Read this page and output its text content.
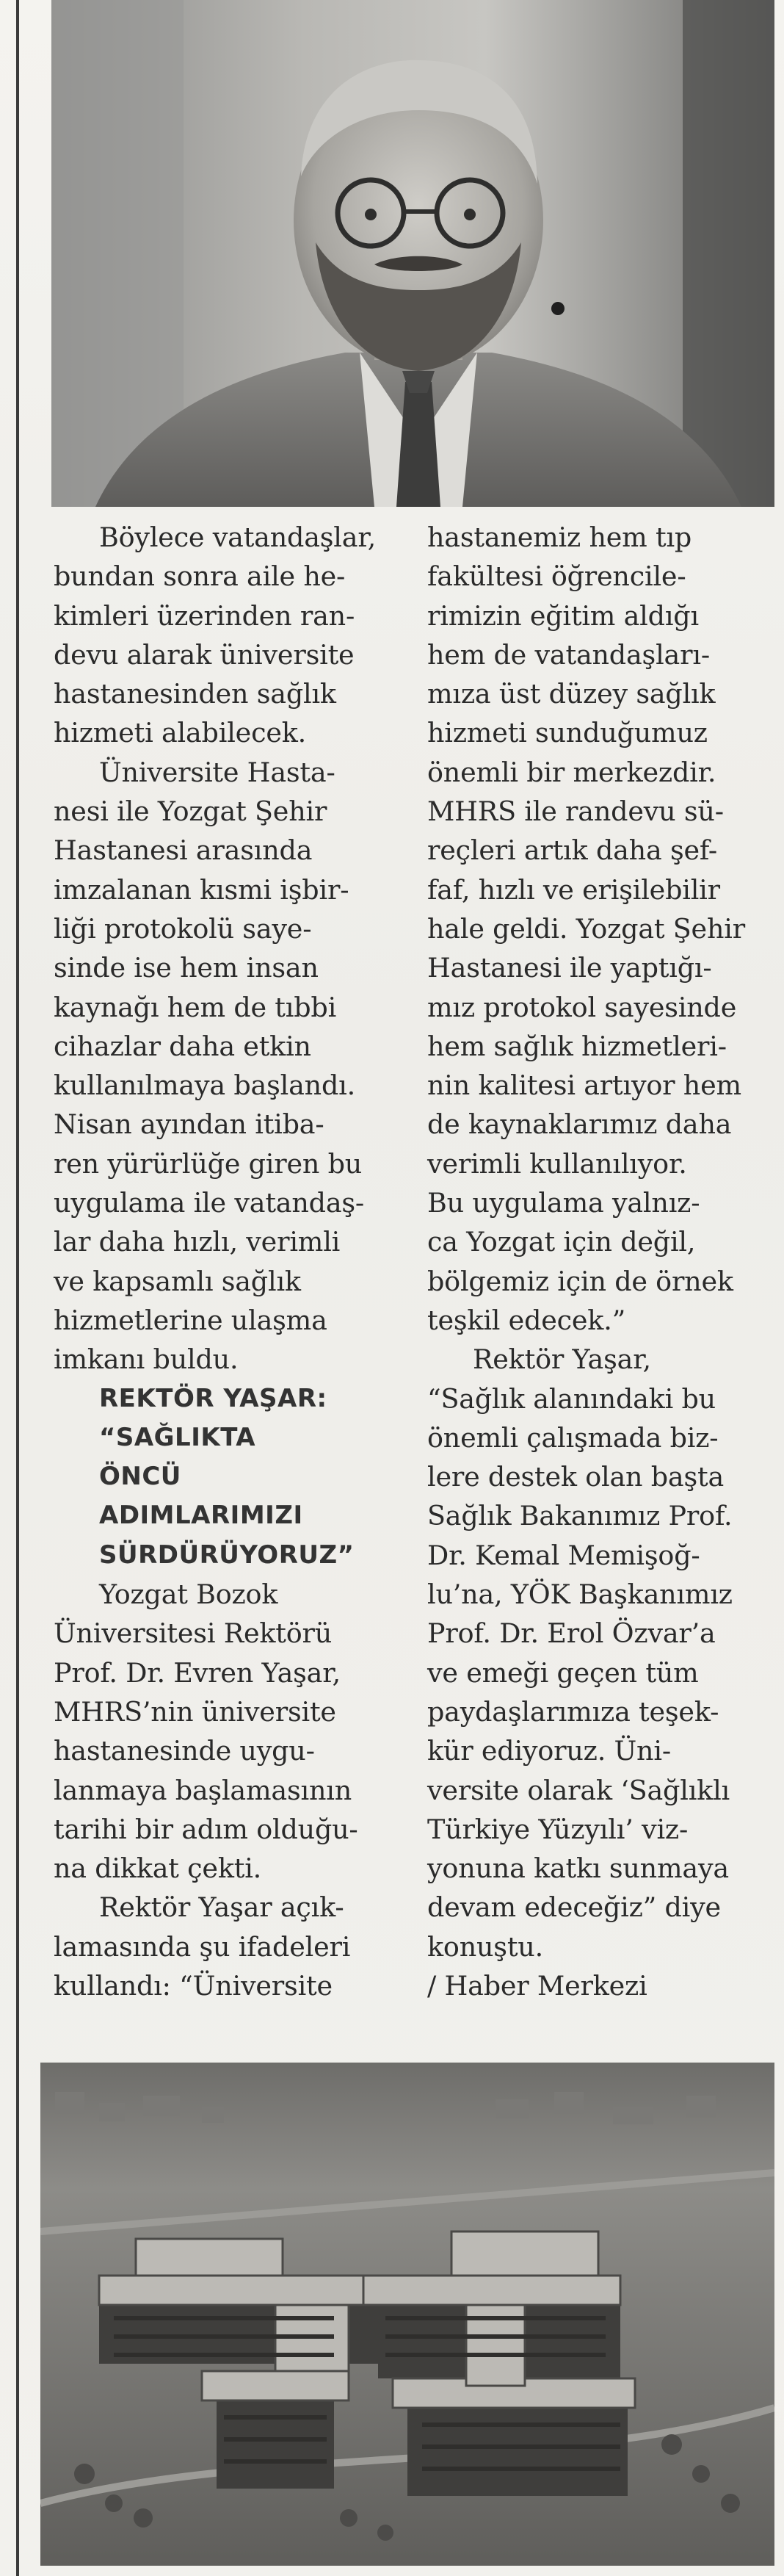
Böylece vatandaşlar,
bundan sonra aile he-
kimleri üzerinden ran-
devu alarak üniversite
hastanesinden sağlık
hizmeti alabilecek.
Üniversite Hasta-
nesi ile Yozgat Şehir
Hastanesi arasında
imzalanan kısmi işbir-
liği protokolü saye-
sinde ise hem insan
kaynağı hem de tıbbi
cihazlar daha etkin
kullanılmaya başlandı.
Nisan ayından itiba-
ren yürürlüğe giren bu
uygulama ile vatandaş-
lar daha hızlı, verimli
ve kapsamlı sağlık
hizmetlerine ulaşma
imkanı buldu.
REKTÖR YAŞAR:
“SAĞLIKTA
ÖNCÜ
ADIMLARIMIZI
SÜRDÜRÜYORUZ”
Yozgat Bozok
Üniversitesi Rektörü
Prof. Dr. Evren Yaşar,
MHRS’nin üniversite
hastanesinde uygu-
lanmaya başlamasının
tarihi bir adım olduğu-
na dikkat çekti.
Rektör Yaşar açık-
lamasında şu ifadeleri
kullandı: “Üniversite
hastanemiz hem tıp
fakültesi öğrencile-
rimizin eğitim aldığı
hem de vatandaşları-
mıza üst düzey sağlık
hizmeti sunduğumuz
önemli bir merkezdir.
MHRS ile randevu sü-
reçleri artık daha şef-
faf, hızlı ve erişilebilir
hale geldi. Yozgat Şehir
Hastanesi ile yaptığı-
mız protokol sayesinde
hem sağlık hizmetleri-
nin kalitesi artıyor hem
de kaynaklarımız daha
verimli kullanılıyor.
Bu uygulama yalnız-
ca Yozgat için değil,
bölgemiz için de örnek
teşkil edecek.”
Rektör Yaşar,
“Sağlık alanındaki bu
önemli çalışmada biz-
lere destek olan başta
Sağlık Bakanımız Prof.
Dr. Kemal Memişoğ-
lu’na, YÖK Başkanımız
Prof. Dr. Erol Özvar’a
ve emeği geçen tüm
paydaşlarımıza teşek-
kür ediyoruz. Üni-
versite olarak ‘Sağlıklı
Türkiye Yüzyılı’ viz-
yonuna katkı sunmaya
devam edeceğiz” diye
konuştu.
/ Haber Merkezi
